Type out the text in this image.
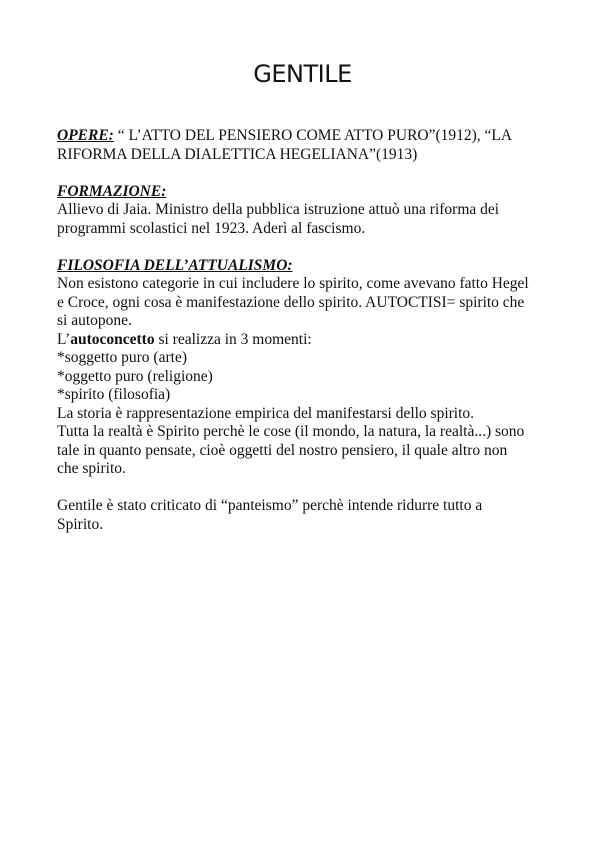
GENTILE
OPERE: “ L’ATTO DEL PENSIERO COME ATTO PURO”(1912), “LA
RIFORMA DELLA DIALETTICA HEGELIANA”(1913)
FORMAZIONE:
Allievo di Jaia. Ministro della pubblica istruzione attuò una riforma dei
programmi scolastici nel 1923. Aderì al fascismo.
FILOSOFIA DELL’ATTUALISMO:
Non esistono categorie in cui includere lo spirito, come avevano fatto Hegel
e Croce, ogni cosa è manifestazione dello spirito. AUTOCTISI= spirito che
si autopone.
L’autoconcetto si realizza in 3 momenti:
*soggetto puro (arte)
*oggetto puro (religione)
*spirito (filosofia)
La storia è rappresentazione empirica del manifestarsi dello spirito.
Tutta la realtà è Spirito perchè le cose (il mondo, la natura, la realtà...) sono
tale in quanto pensate, cioè oggetti del nostro pensiero, il quale altro non
che spirito.
Gentile è stato criticato di “panteismo” perchè intende ridurre tutto a
Spirito.
